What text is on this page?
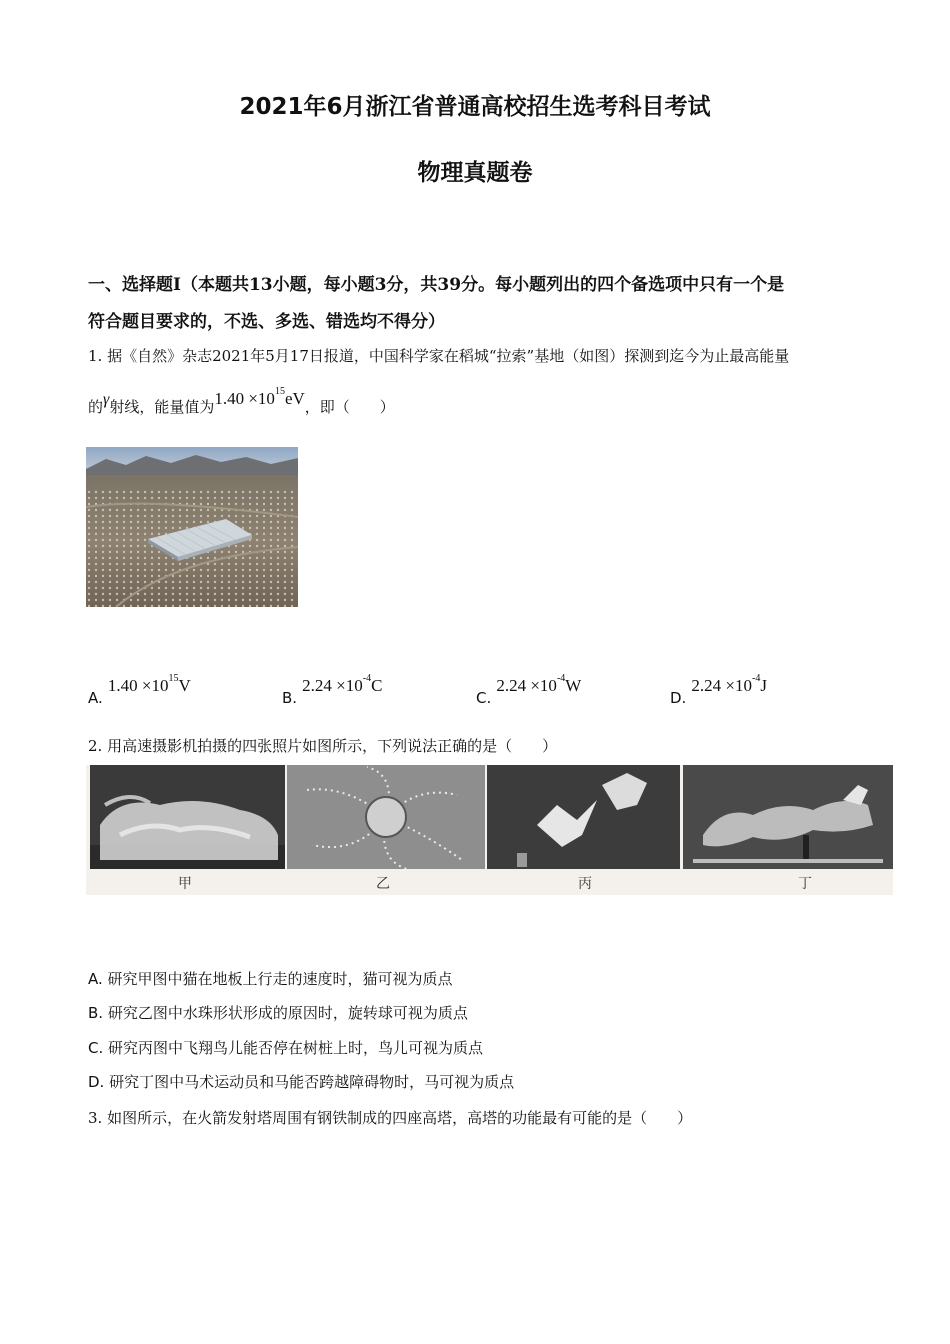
2021年6月浙江省普通高校招生选考科目考试
物理真题卷
一、选择题Ⅰ（本题共13小题，每小题3分，共39分。每小题列出的四个备选项中只有一个是
符合题目要求的，不选、多选、错选均不得分）
1. 据《自然》杂志2021年5月17日报道，中国科学家在稻城“拉索”基地（如图）探测到迄今为止最高能量
的γ射线，能量值为$1.40 \times 10^{15}eV$，即（　　）
A. $1.40 \times 10^{15}V$
B. $2.24 \times 10^{-4}C$
C. $2.24 \times 10^{-4}W$
D. $2.24 \times 10^{-4}J$
2. 用高速摄影机拍摄的四张照片如图所示，下列说法正确的是（　　）
甲	乙	丙	丁
A. 研究甲图中猫在地板上行走的速度时，猫可视为质点
B. 研究乙图中水珠形状形成的原因时，旋转球可视为质点
C. 研究丙图中飞翔鸟儿能否停在树桩上时，鸟儿可视为质点
D. 研究丁图中马术运动员和马能否跨越障碍物时，马可视为质点
3. 如图所示，在火箭发射塔周围有钢铁制成的四座高塔，高塔的功能最有可能的是（　　）
